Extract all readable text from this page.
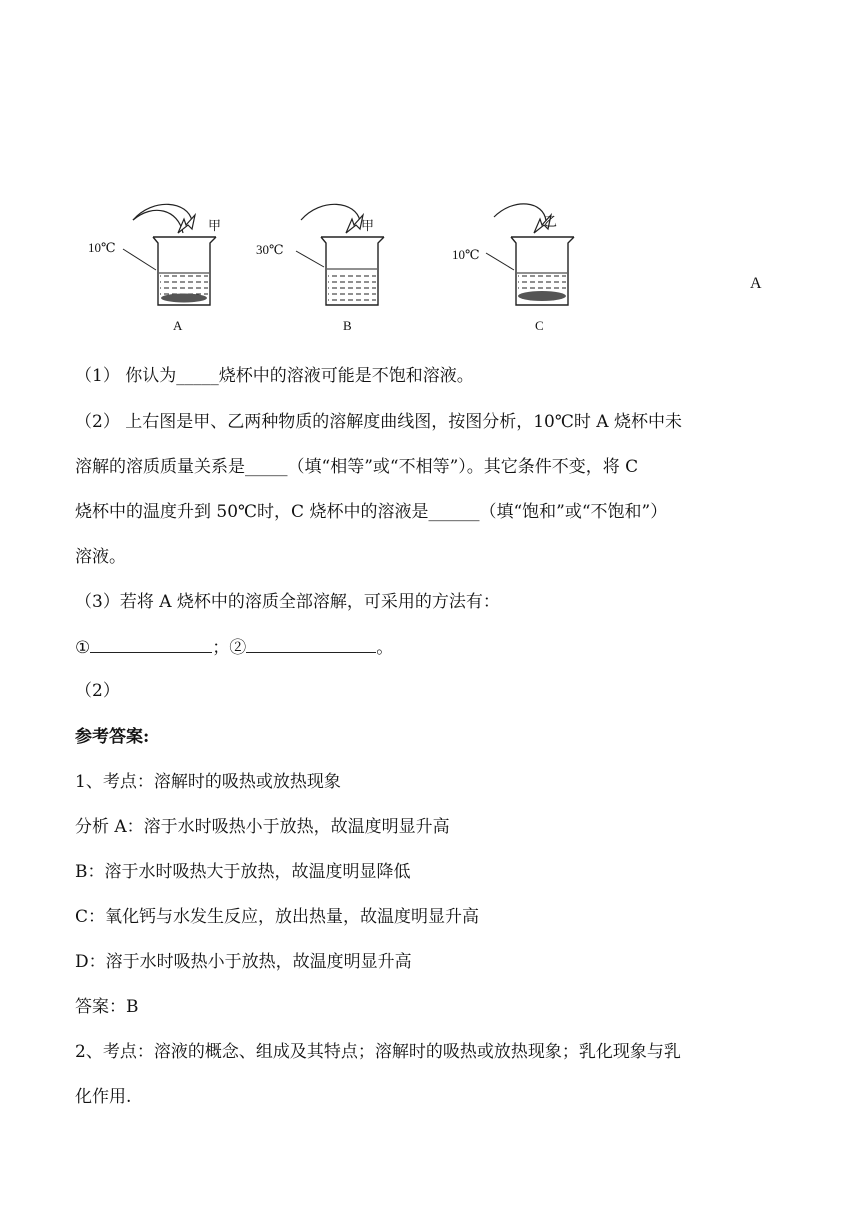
10℃
甲
A
30℃
甲
B
10℃
乙
C
A
（1） 你认为_____烧杯中的溶液可能是不饱和溶液。
（2） 上右图是甲、乙两种物质的溶解度曲线图，按图分析，10℃时 A 烧杯中未
溶解的溶质质量关系是_____（填“相等”或“不相等”）。其它条件不变，将 C
烧杯中的温度升到 50℃时，C 烧杯中的溶液是______（填“饱和”或“不饱和”）
溶液。
（3）若将 A 烧杯中的溶质全部溶解，可采用的方法有：
①	；②	。
（2）
参考答案:
1、考点：溶解时的吸热或放热现象
分析 A：溶于水时吸热小于放热，故温度明显升高
B：溶于水时吸热大于放热，故温度明显降低
C：氧化钙与水发生反应，放出热量，故温度明显升高
D：溶于水时吸热小于放热，故温度明显升高
答案：B
2、考点：溶液的概念、组成及其特点；溶解时的吸热或放热现象；乳化现象与乳
化作用.
